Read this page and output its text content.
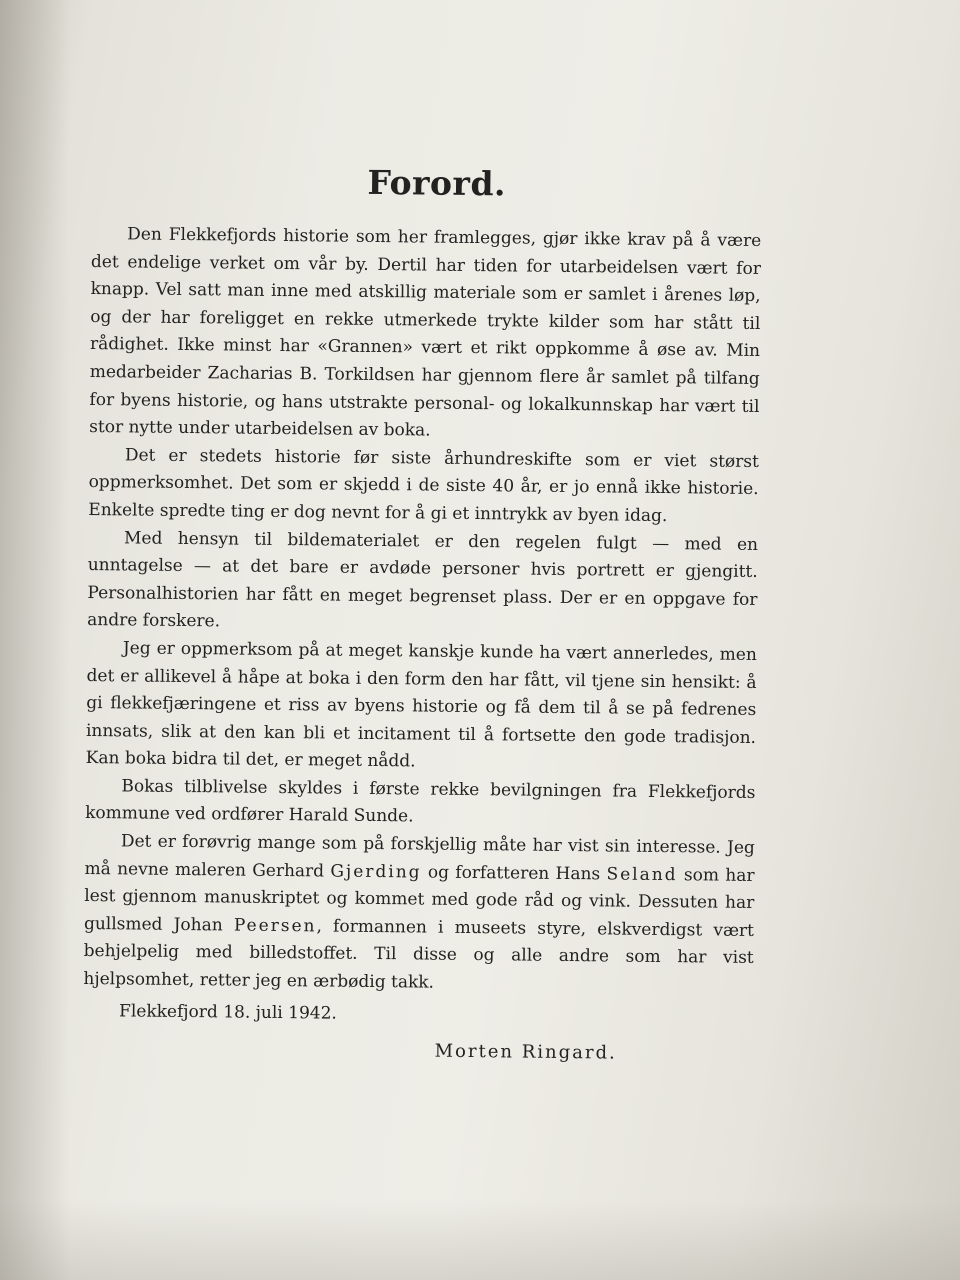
Forord.

Den Flekkefjords historie som her framlegges, gjør ikke krav på å være det endelige verket om vår by. Dertil har tiden for utarbeidelsen vært for knapp. Vel satt man inne med atskillig materiale som er samlet i årenes løp, og der har foreligget en rekke utmerkede trykte kilder som har stått til rådighet. Ikke minst har «Grannen» vært et rikt oppkomme å øse av. Min medarbeider Zacharias B. Torkildsen har gjennom flere år samlet på tilfang for byens historie, og hans utstrakte personal- og lokalkunnskap har vært til stor nytte under utarbeidelsen av boka.

Det er stedets historie før siste århundreskifte som er viet størst oppmerksomhet. Det som er skjedd i de siste 40 år, er jo ennå ikke historie. Enkelte spredte ting er dog nevnt for å gi et inntrykk av byen idag.

Med hensyn til bildematerialet er den regelen fulgt — med en unntagelse — at det bare er avdøde personer hvis portrett er gjengitt. Personalhistorien har fått en meget begrenset plass. Der er en oppgave for andre forskere.

Jeg er oppmerksom på at meget kanskje kunde ha vært annerledes, men det er allikevel å håpe at boka i den form den har fått, vil tjene sin hensikt: å gi flekkefjæringene et riss av byens historie og få dem til å se på fedrenes innsats, slik at den kan bli et incitament til å fortsette den gode tradisjon. Kan boka bidra til det, er meget nådd.

Bokas tilblivelse skyldes i første rekke bevilgningen fra Flekkefjords kommune ved ordfører Harald Sunde.

Det er forøvrig mange som på forskjellig måte har vist sin interesse. Jeg må nevne maleren Gerhard Gjerding og forfatteren Hans Seland som har lest gjennom manuskriptet og kommet med gode råd og vink. Dessuten har gullsmed Johan Peersen, formannen i museets styre, elskverdigst vært behjelpelig med billedstoffet. Til disse og alle andre som har vist hjelpsomhet, retter jeg en ærbødig takk.

Flekkefjord 18. juli 1942.

Morten Ringard.
